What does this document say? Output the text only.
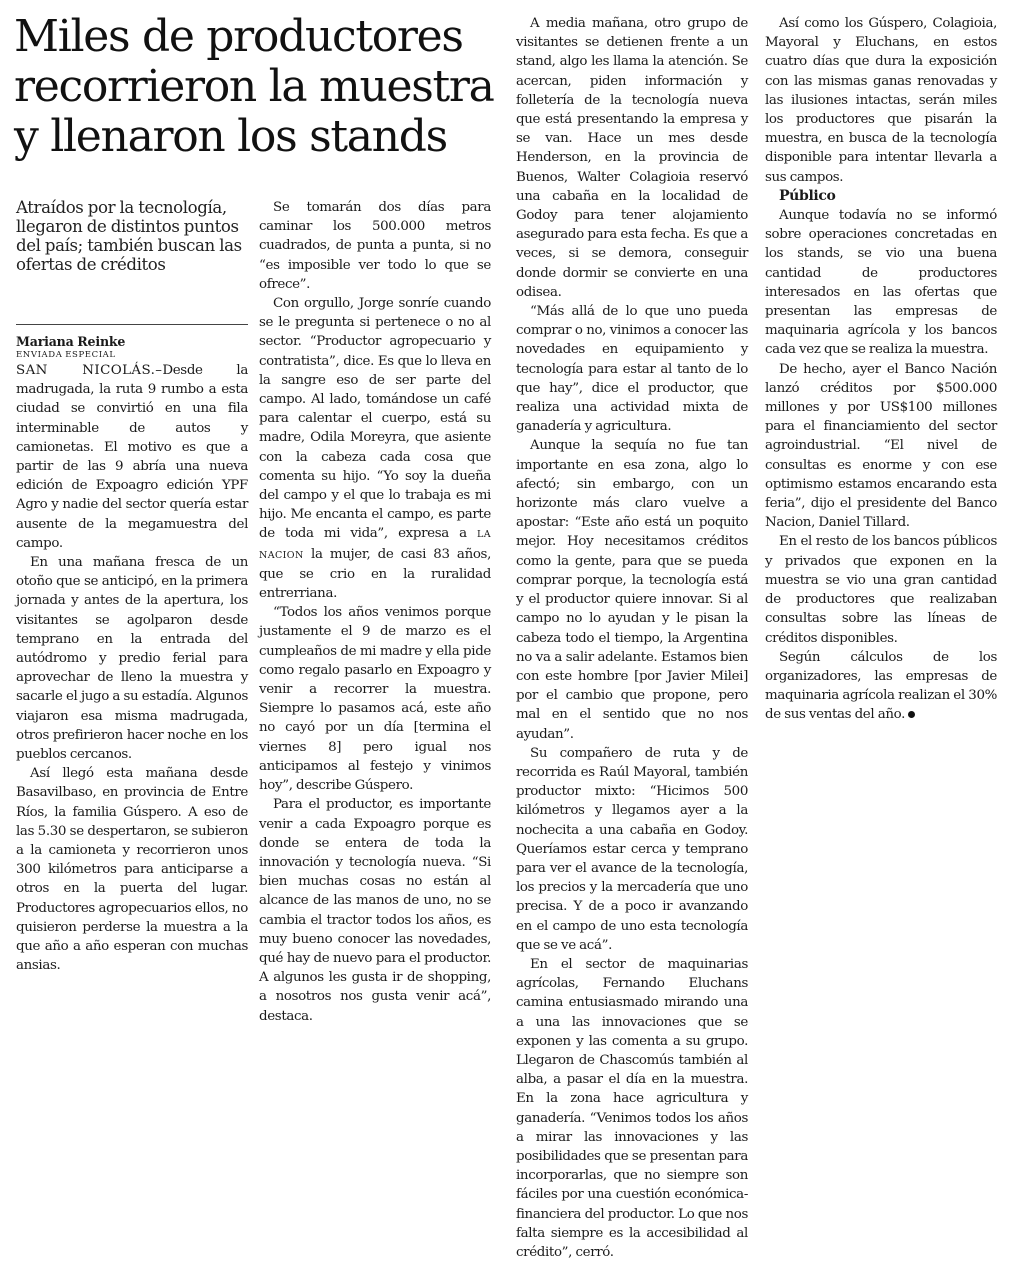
Miles de productores recorrieron la muestra y llenaron los stands
Atraídos por la tecnología, llegaron de distintos puntos del país; también buscan las ofertas de créditos

Mariana Reinke

ENVIADA ESPECIAL

SAN NICOLÁS.–Desde la madrugada, la ruta 9 rumbo a esta ciudad se convirtió en una fila interminable de autos y camionetas. El motivo es que a partir de las 9 abría una nueva edición de Expoagro edición YPF Agro y nadie del sector quería estar ausente de la megamuestra del campo.

En una mañana fresca de un otoño que se anticipó, en la primera jornada y antes de la apertura, los visitantes se agolparon desde temprano en la entrada del autódromo y predio ferial para aprovechar de lleno la muestra y sacarle el jugo a su estadía. Algunos viajaron esa misma madrugada, otros prefirieron hacer noche en los pueblos cercanos.

Así llegó esta mañana desde Basavilbaso, en provincia de Entre Ríos, la familia Gúspero. A eso de las 5.30 se despertaron, se subieron a la camioneta y recorrieron unos 300 kilómetros para anticiparse a otros en la puerta del lugar. Productores agropecuarios ellos, no quisieron perderse la muestra a la que año a año esperan con muchas ansias.

Se tomarán dos días para caminar los 500.000 metros cuadrados, de punta a punta, si no “es imposible ver todo lo que se ofrece”.

Con orgullo, Jorge sonríe cuando se le pregunta si pertenece o no al sector. “Productor agropecuario y contratista”, dice. Es que lo lleva en la sangre eso de ser parte del campo. Al lado, tomándose un café para calentar el cuerpo, está su madre, Odila Moreyra, que asiente con la cabeza cada cosa que comenta su hijo. “Yo soy la dueña del campo y el que lo trabaja es mi hijo. Me encanta el campo, es parte de toda mi vida”, expresa a LA NACION la mujer, de casi 83 años, que se crio en la ruralidad entrerriana.

“Todos los años venimos porque justamente el 9 de marzo es el cumpleaños de mi madre y ella pide como regalo pasarlo en Expoagro y venir a recorrer la muestra. Siempre lo pasamos acá, este año no cayó por un día [termina el viernes 8] pero igual nos anticipamos al festejo y vinimos hoy”, describe Gúspero.

Para el productor, es importante venir a cada Expoagro porque es donde se entera de toda la innovación y tecnología nueva. “Si bien muchas cosas no están al alcance de las manos de uno, no se cambia el tractor todos los años, es muy bueno conocer las novedades, qué hay de nuevo para el productor. A algunos les gusta ir de shopping, a nosotros nos gusta venir acá”, destaca.

A media mañana, otro grupo de visitantes se detienen frente a un stand, algo les llama la atención. Se acercan, piden información y folletería de la tecnología nueva que está presentando la empresa y se van. Hace un mes desde Henderson, en la provincia de Buenos, Walter Colagioia reservó una cabaña en la localidad de Godoy para tener alojamiento asegurado para esta fecha. Es que a veces, si se demora, conseguir donde dormir se convierte en una odisea.

“Más allá de lo que uno pueda comprar o no, vinimos a conocer las novedades en equipamiento y tecnología para estar al tanto de lo que hay”, dice el productor, que realiza una actividad mixta de ganadería y agricultura.

Aunque la sequía no fue tan importante en esa zona, algo lo afectó; sin embargo, con un horizonte más claro vuelve a apostar: “Este año está un poquito mejor. Hoy necesitamos créditos como la gente, para que se pueda comprar porque, la tecnología está y el productor quiere innovar. Si al campo no lo ayudan y le pisan la cabeza todo el tiempo, la Argentina no va a salir adelante. Estamos bien con este hombre [por Javier Milei] por el cambio que propone, pero mal en el sentido que no nos ayudan”.

Su compañero de ruta y de recorrida es Raúl Mayoral, también productor mixto: “Hicimos 500 kilómetros y llegamos ayer a la nochecita a una cabaña en Godoy. Queríamos estar cerca y temprano para ver el avance de la tecnología, los precios y la mercadería que uno precisa. Y de a poco ir avanzando en el campo de uno esta tecnología que se ve acá”.

En el sector de maquinarias agrícolas, Fernando Eluchans camina entusiasmado mirando una a una las innovaciones que se exponen y las comenta a su grupo. Llegaron de Chascomús también al alba, a pasar el día en la muestra. En la zona hace agricultura y ganadería. “Venimos todos los años a mirar las innovaciones y las posibilidades que se presentan para incorporarlas, que no siempre son fáciles por una cuestión económica-financiera del productor. Lo que nos falta siempre es la accesibilidad al crédito”, cerró.

Así como los Gúspero, Colagioia, Mayoral y Eluchans, en estos cuatro días que dura la exposición con las mismas ganas renovadas y las ilusiones intactas, serán miles los productores que pisarán la muestra, en busca de la tecnología disponible para intentar llevarla a sus campos.

Público

Aunque todavía no se informó sobre operaciones concretadas en los stands, se vio una buena cantidad de productores interesados en las ofertas que presentan las empresas de maquinaria agrícola y los bancos cada vez que se realiza la muestra.

De hecho, ayer el Banco Nación lanzó créditos por $500.000 millones y por US$100 millones para el financiamiento del sector agroindustrial. “El nivel de consultas es enorme y con ese optimismo estamos encarando esta feria”, dijo el presidente del Banco Nacion, Daniel Tillard.

En el resto de los bancos públicos y privados que exponen en la muestra se vio una gran cantidad de productores que realizaban consultas sobre las líneas de créditos disponibles.

Según cálculos de los organizadores, las empresas de maquinaria agrícola realizan el 30% de sus ventas del año.
